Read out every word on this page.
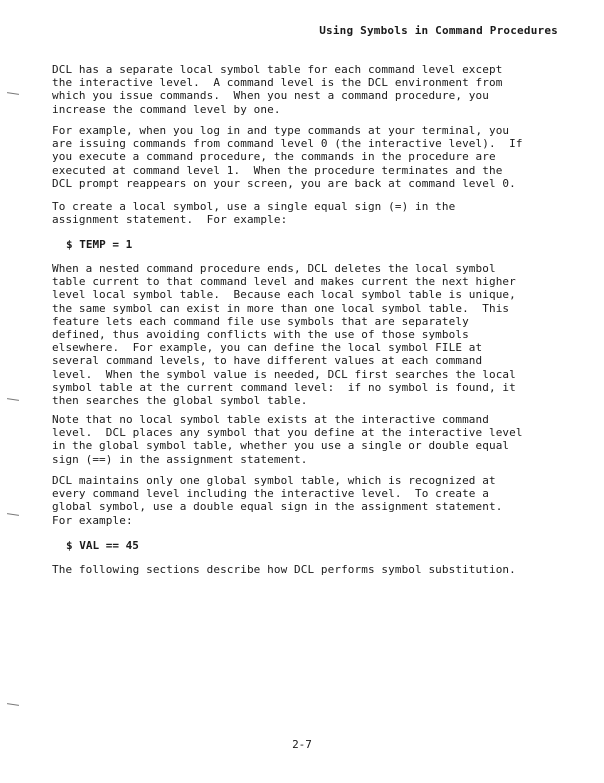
Using Symbols in Command Procedures

DCL has a separate local symbol table for each command level except
the interactive level.  A command level is the DCL environment from
which you issue commands.  When you nest a command procedure, you
increase the command level by one.

For example, when you log in and type commands at your terminal, you
are issuing commands from command level 0 (the interactive level).  If
you execute a command procedure, the commands in the procedure are
executed at command level 1.  When the procedure terminates and the
DCL prompt reappears on your screen, you are back at command level 0.

To create a local symbol, use a single equal sign (=) in the
assignment statement.  For example:

$ TEMP = 1

When a nested command procedure ends, DCL deletes the local symbol
table current to that command level and makes current the next higher
level local symbol table.  Because each local symbol table is unique,
the same symbol can exist in more than one local symbol table.  This
feature lets each command file use symbols that are separately
defined, thus avoiding conflicts with the use of those symbols
elsewhere.  For example, you can define the local symbol FILE at
several command levels, to have different values at each command
level.  When the symbol value is needed, DCL first searches the local
symbol table at the current command level:  if no symbol is found, it
then searches the global symbol table.

Note that no local symbol table exists at the interactive command
level.  DCL places any symbol that you define at the interactive level
in the global symbol table, whether you use a single or double equal
sign (==) in the assignment statement.

DCL maintains only one global symbol table, which is recognized at
every command level including the interactive level.  To create a
global symbol, use a double equal sign in the assignment statement.
For example:

$ VAL == 45

The following sections describe how DCL performs symbol substitution.

2-7
